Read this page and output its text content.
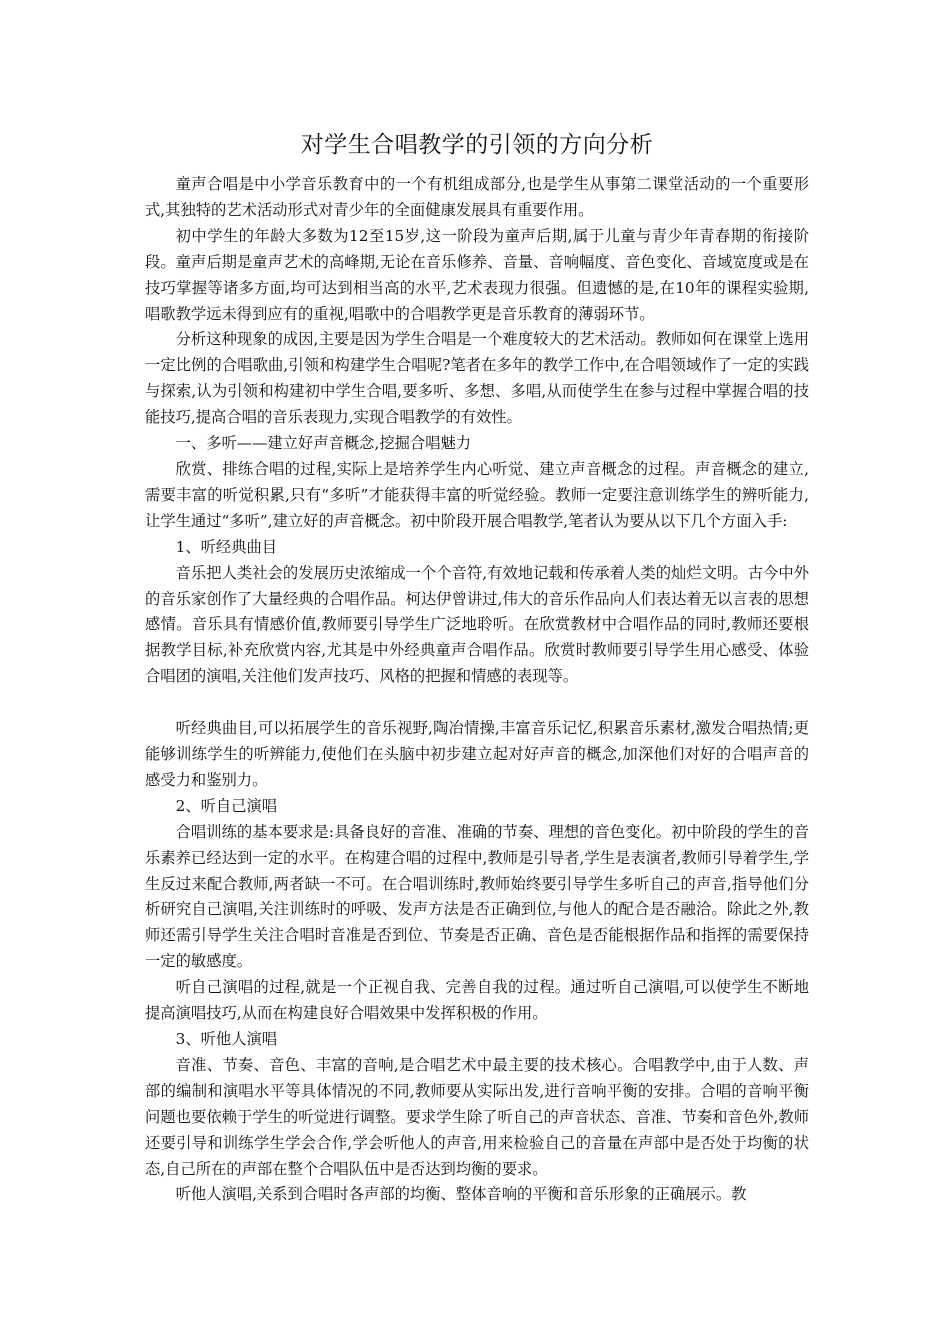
对学生合唱教学的引领的方向分析

童声合唱是中小学音乐教育中的一个有机组成部分,也是学生从事第二课堂活动的一个重要形式,其独特的艺术活动形式对青少年的全面健康发展具有重要作用。

初中学生的年龄大多数为12至15岁,这一阶段为童声后期,属于儿童与青少年青春期的衔接阶段。童声后期是童声艺术的高峰期,无论在音乐修养、音量、音响幅度、音色变化、音域宽度或是在技巧掌握等诸多方面,均可达到相当高的水平,艺术表现力很强。但遗憾的是,在10年的课程实验期,唱歌教学远未得到应有的重视,唱歌中的合唱教学更是音乐教育的薄弱环节。

分析这种现象的成因,主要是因为学生合唱是一个难度较大的艺术活动。教师如何在课堂上选用一定比例的合唱歌曲,引领和构建学生合唱呢?笔者在多年的教学工作中,在合唱领域作了一定的实践与探索,认为引领和构建初中学生合唱,要多听、多想、多唱,从而使学生在参与过程中掌握合唱的技能技巧,提高合唱的音乐表现力,实现合唱教学的有效性。

一、多听——建立好声音概念,挖掘合唱魅力

欣赏、排练合唱的过程,实际上是培养学生内心听觉、建立声音概念的过程。声音概念的建立,需要丰富的听觉积累,只有“多听”才能获得丰富的听觉经验。教师一定要注意训练学生的辨听能力,让学生通过“多听”,建立好的声音概念。初中阶段开展合唱教学,笔者认为要从以下几个方面入手:

1、听经典曲目

音乐把人类社会的发展历史浓缩成一个个音符,有效地记载和传承着人类的灿烂文明。古今中外的音乐家创作了大量经典的合唱作品。柯达伊曾讲过,伟大的音乐作品向人们表达着无以言表的思想感情。音乐具有情感价值,教师要引导学生广泛地聆听。在欣赏教材中合唱作品的同时,教师还要根据教学目标,补充欣赏内容,尤其是中外经典童声合唱作品。欣赏时教师要引导学生用心感受、体验合唱团的演唱,关注他们发声技巧、风格的把握和情感的表现等。

听经典曲目,可以拓展学生的音乐视野,陶冶情操,丰富音乐记忆,积累音乐素材,激发合唱热情;更能够训练学生的听辨能力,使他们在头脑中初步建立起对好声音的概念,加深他们对好的合唱声音的感受力和鉴别力。

2、听自己演唱

合唱训练的基本要求是:具备良好的音准、准确的节奏、理想的音色变化。初中阶段的学生的音乐素养已经达到一定的水平。在构建合唱的过程中,教师是引导者,学生是表演者,教师引导着学生,学生反过来配合教师,两者缺一不可。在合唱训练时,教师始终要引导学生多听自己的声音,指导他们分析研究自己演唱,关注训练时的呼吸、发声方法是否正确到位,与他人的配合是否融洽。除此之外,教师还需引导学生关注合唱时音准是否到位、节奏是否正确、音色是否能根据作品和指挥的需要保持一定的敏感度。

听自己演唱的过程,就是一个正视自我、完善自我的过程。通过听自己演唱,可以使学生不断地提高演唱技巧,从而在构建良好合唱效果中发挥积极的作用。

3、听他人演唱

音准、节奏、音色、丰富的音响,是合唱艺术中最主要的技术核心。合唱教学中,由于人数、声部的编制和演唱水平等具体情况的不同,教师要从实际出发,进行音响平衡的安排。合唱的音响平衡问题也要依赖于学生的听觉进行调整。要求学生除了听自己的声音状态、音准、节奏和音色外,教师还要引导和训练学生学会合作,学会听他人的声音,用来检验自己的音量在声部中是否处于均衡的状态,自己所在的声部在整个合唱队伍中是否达到均衡的要求。

听他人演唱,关系到合唱时各声部的均衡、整体音响的平衡和音乐形象的正确展示。教
